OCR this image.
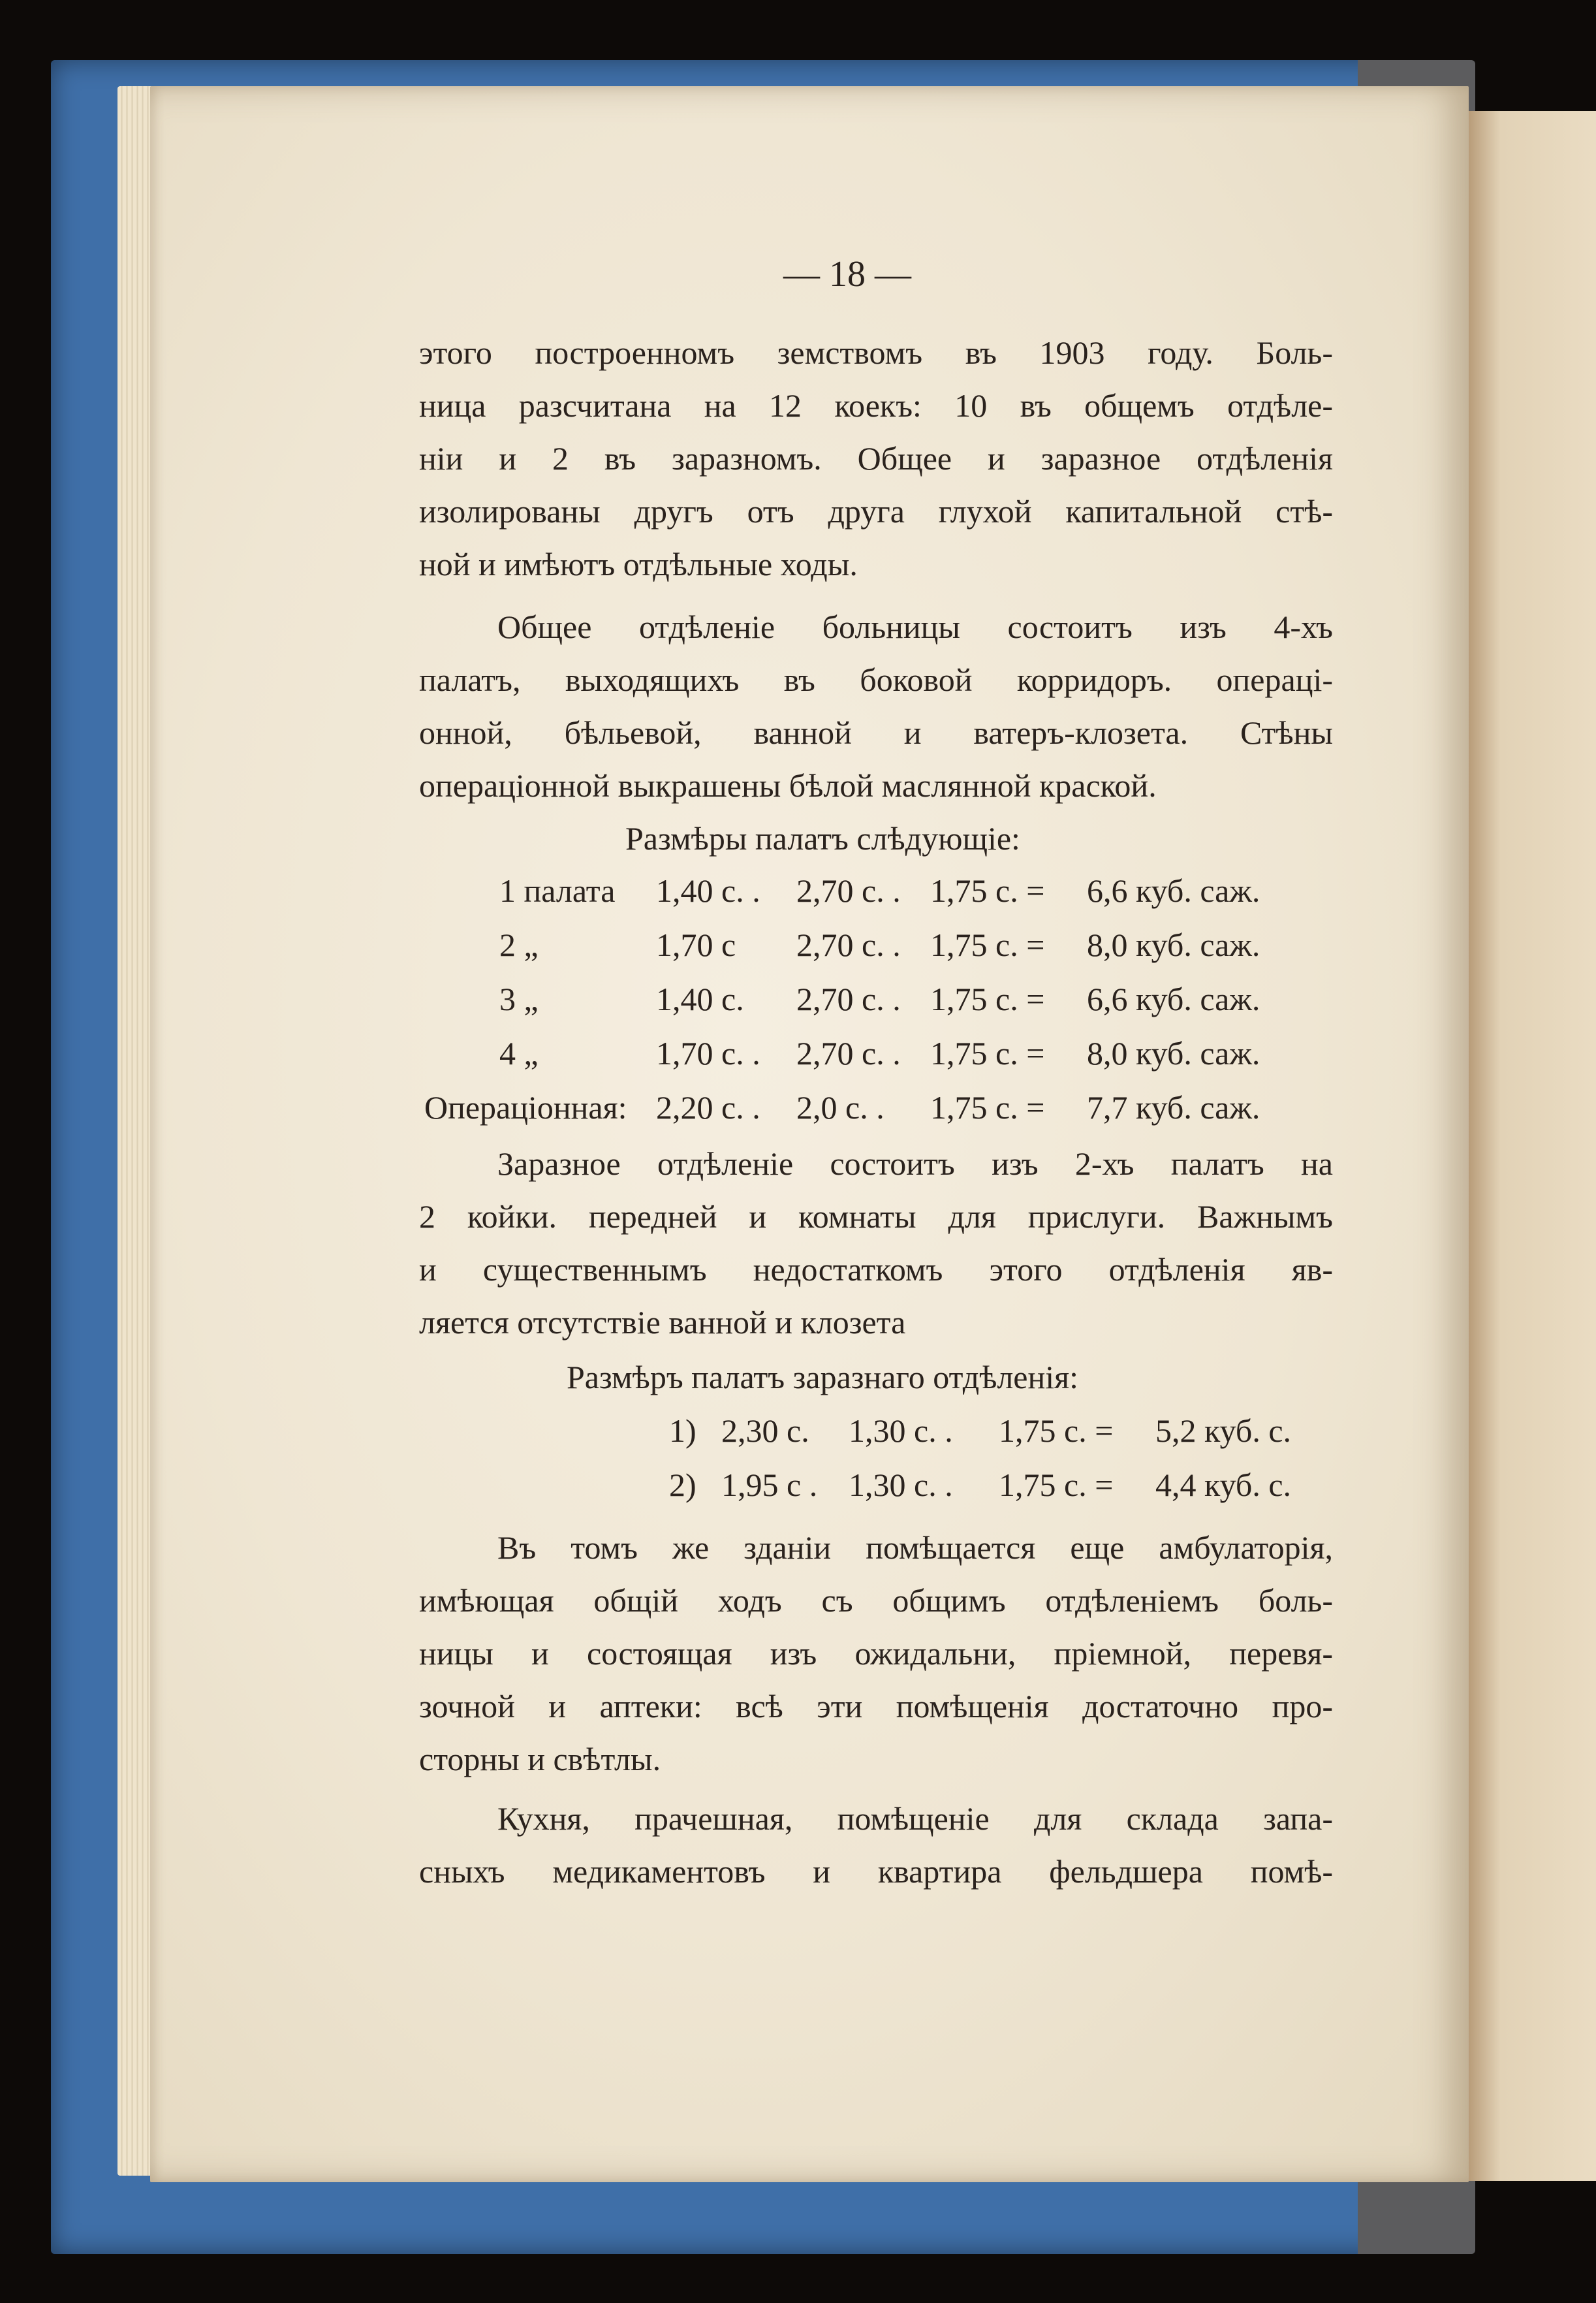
— 18 —
этого построенномъ земствомъ въ 1903 году. Боль-
ница разсчитана на 12 коекъ: 10 въ общемъ отдѣле-
ніи и 2 въ заразномъ. Общее и заразное отдѣленія
изолированы другъ отъ друга глухой капитальной стѣ-
ной и имѣютъ отдѣльные ходы.
Общее отдѣленіе больницы состоитъ изъ 4-хъ
палатъ, выходящихъ въ боковой корридоръ. операці-
онной, бѣльевой, ванной и ватеръ-клозета. Стѣны
операціонной выкрашены бѣлой маслянной краской.
Размѣры палатъ слѣдующіе:
1 палата 1,40 с. . 2,70 с. . 1,75 с. = 6,6 куб. саж.
2 „	1,70 с 2,70 с. . 1,75 с. = 8,0 куб. саж.
3 „	1,40 с. 2,70 с. . 1,75 с. = 6,6 куб. саж.
4 „	1,70 с. . 2,70 с. . 1,75 с. = 8,0 куб. саж.
Операціонная: 2,20 с. . 2,0 с. . 1,75 с. = 7,7 куб. саж.
Заразное отдѣленіе состоитъ изъ 2-хъ палатъ на
2 койки. передней и комнаты для прислуги. Важнымъ
и существеннымъ недостаткомъ этого отдѣленія яв-
ляется отсутствіе ванной и клозета
Размѣръ палатъ заразнаго отдѣленія:
1) 2,30 с. 1,30 с. . 1,75 с. = 5,2 куб. с.
2) 1,95 с . 1,30 с. . 1,75 с. = 4,4 куб. с.
Въ томъ же зданіи помѣщается еще амбулаторія,
имѣющая общій ходъ съ общимъ отдѣленіемъ боль-
ницы и состоящая изъ ожидальни, пріемной, перевя-
зочной и аптеки: всѣ эти помѣщенія достаточно про-
сторны и свѣтлы.
Кухня, прачешная, помѣщеніе для склада запа-
сныхъ медикаментовъ и квартира фельдшера помѣ-
